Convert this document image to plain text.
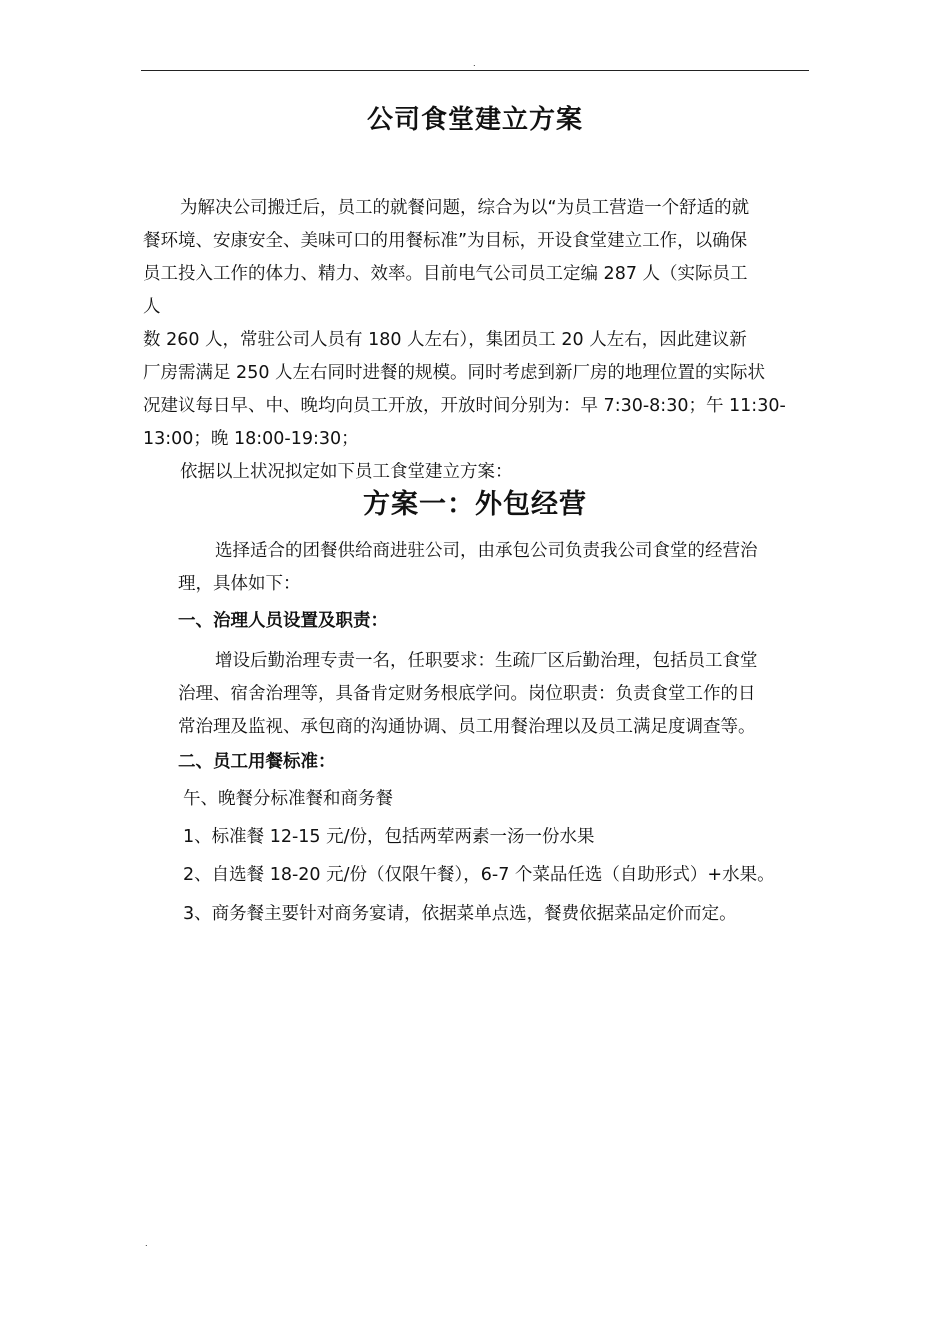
.
公司食堂建立方案
为解决公司搬迁后，员工的就餐问题，综合为以“为员工营造一个舒适的就
餐环境、安康安全、美味可口的用餐标准”为目标，开设食堂建立工作，以确保
员工投入工作的体力、精力、效率。目前电气公司员工定编 287 人（实际员工
人
数 260 人，常驻公司人员有 180 人左右），集团员工 20 人左右，因此建议新
厂房需满足 250 人左右同时进餐的规模。同时考虑到新厂房的地理位置的实际状
况建议每日早、中、晚均向员工开放，开放时间分别为：早 7:30-8:30；午 11:30-
13:00；晚 18:00-19:30；
依据以上状况拟定如下员工食堂建立方案：
方案一：外包经营
选择适合的团餐供给商进驻公司，由承包公司负责我公司食堂的经营治
理，具体如下：
一、治理人员设置及职责：
增设后勤治理专责一名，任职要求：生疏厂区后勤治理，包括员工食堂
治理、宿舍治理等，具备肯定财务根底学问。岗位职责：负责食堂工作的日
常治理及监视、承包商的沟通协调、员工用餐治理以及员工满足度调查等。
二、员工用餐标准：
午、晚餐分标准餐和商务餐
1、标准餐 12-15 元/份，包括两荤两素一汤一份水果
2、自选餐 18-20 元/份（仅限午餐），6-7 个菜品任选（自助形式）+水果。
3、商务餐主要针对商务宴请，依据菜单点选，餐费依据菜品定价而定。
.
